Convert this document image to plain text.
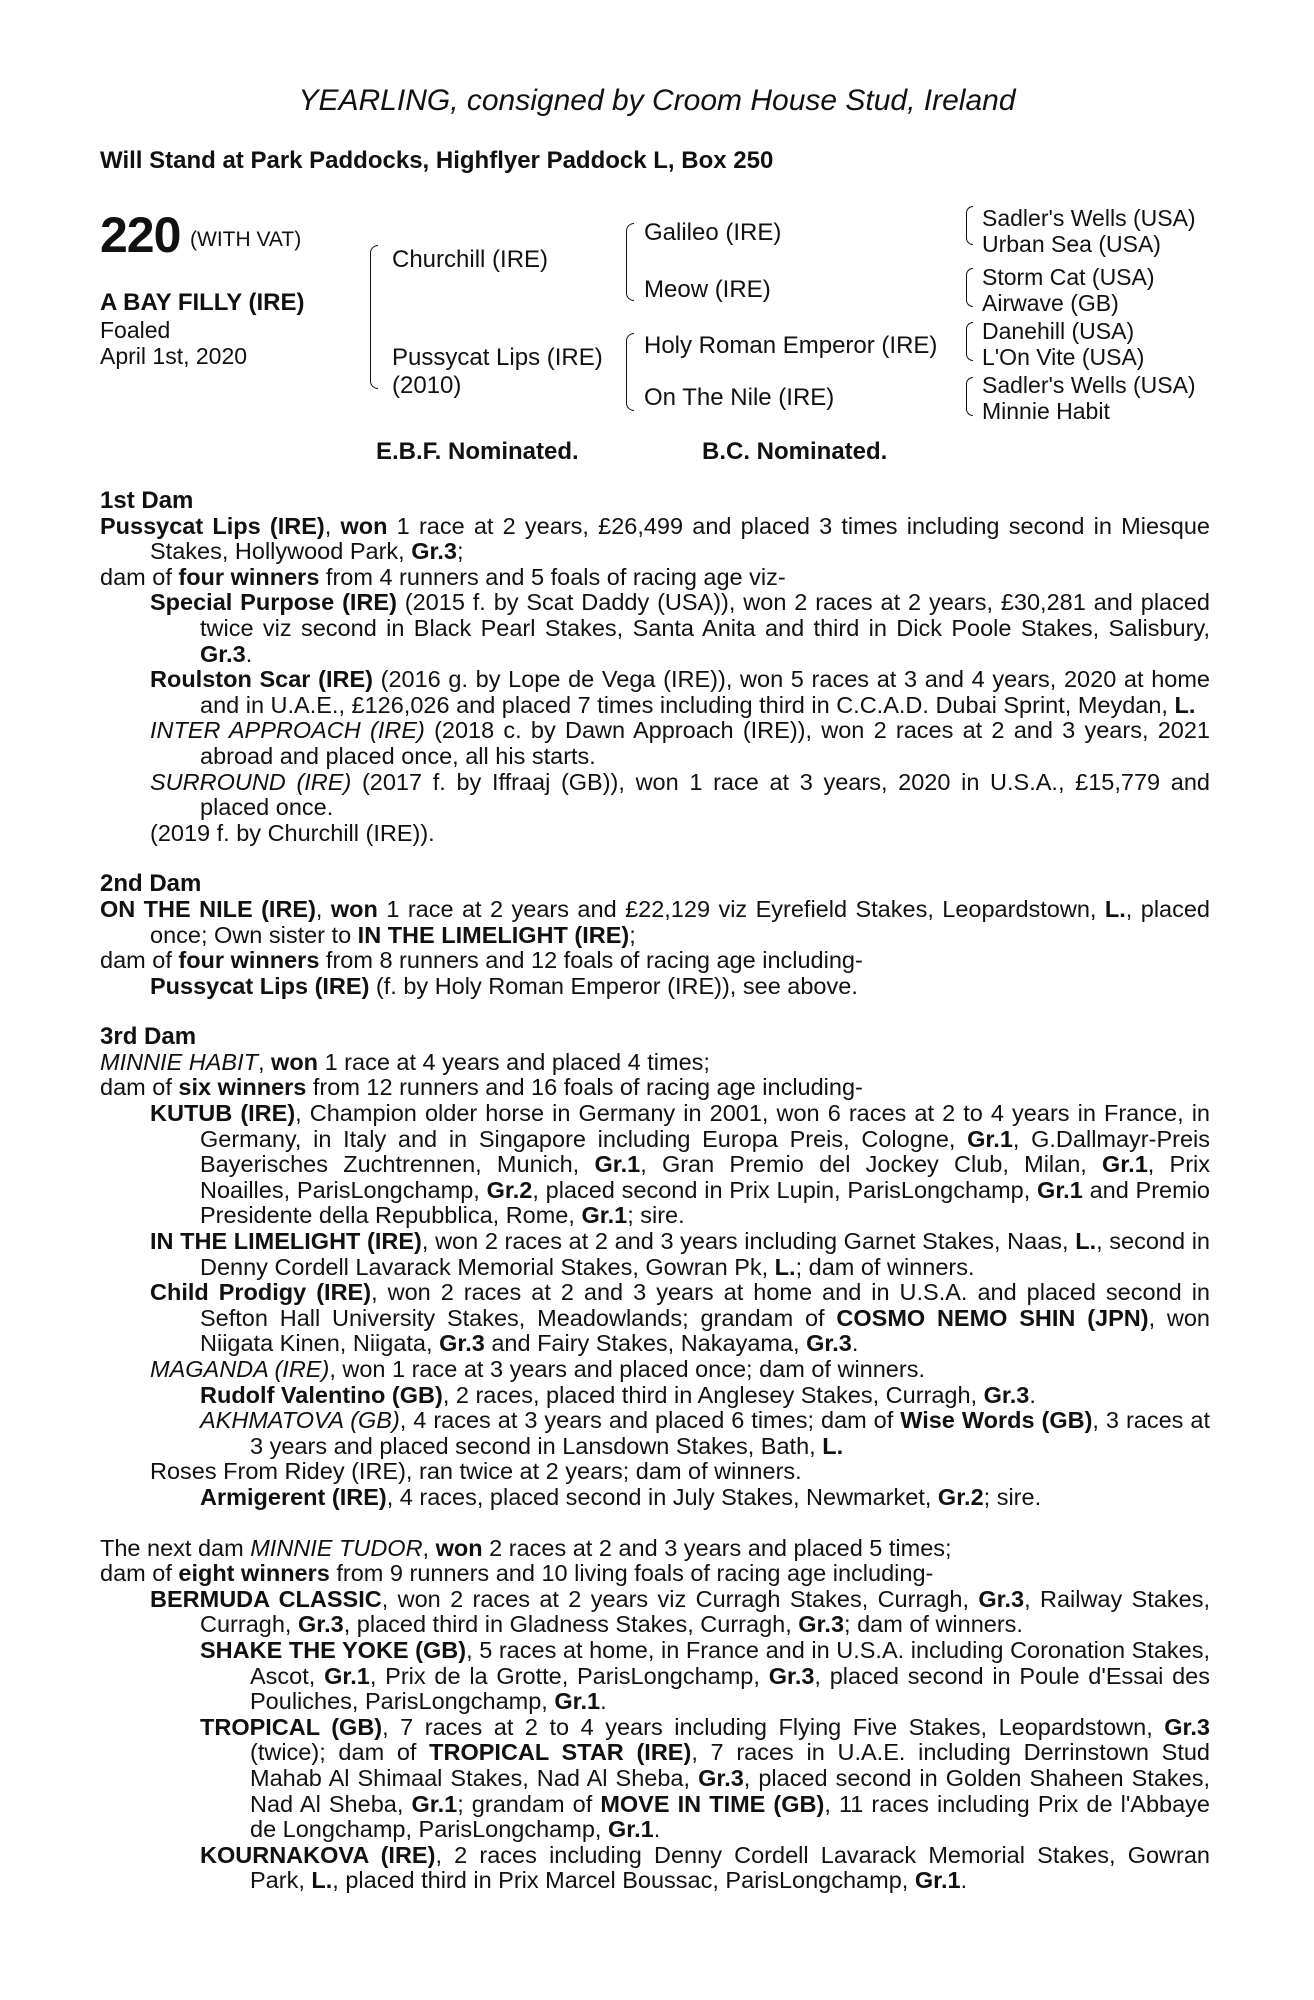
YEARLING, consigned by Croom House Stud, Ireland
Will Stand at Park Paddocks, Highflyer Paddock L, Box 250
220 (WITH VAT)
A BAY FILLY (IRE)
Foaled
April 1st, 2020
Churchill (IRE)
Pussycat Lips (IRE)
(2010)
Galileo (IRE)
Meow (IRE)
Holy Roman Emperor (IRE)
On The Nile (IRE)
Sadler's Wells (USA)
Urban Sea (USA)
Storm Cat (USA)
Airwave (GB)
Danehill (USA)
L'On Vite (USA)
Sadler's Wells (USA)
Minnie Habit
E.B.F. Nominated.	B.C. Nominated.

1st Dam

Pussycat Lips (IRE), won 1 race at 2 years, £26,499 and placed 3 times including second in Miesque Stakes, Hollywood Park, Gr.3;

dam of four winners from 4 runners and 5 foals of racing age viz-

Special Purpose (IRE) (2015 f. by Scat Daddy (USA)), won 2 races at 2 years, £30,281 and placed twice viz second in Black Pearl Stakes, Santa Anita and third in Dick Poole Stakes, Salisbury, Gr.3.

Roulston Scar (IRE) (2016 g. by Lope de Vega (IRE)), won 5 races at 3 and 4 years, 2020 at home and in U.A.E., £126,026 and placed 7 times including third in C.C.A.D. Dubai Sprint, Meydan, L.

INTER APPROACH (IRE) (2018 c. by Dawn Approach (IRE)), won 2 races at 2 and 3 years, 2021 abroad and placed once, all his starts.

SURROUND (IRE) (2017 f. by Iffraaj (GB)), won 1 race at 3 years, 2020 in U.S.A., £15,779 and placed once.

(2019 f. by Churchill (IRE)).

2nd Dam

ON THE NILE (IRE), won 1 race at 2 years and £22,129 viz Eyrefield Stakes, Leopardstown, L., placed once; Own sister to IN THE LIMELIGHT (IRE);

dam of four winners from 8 runners and 12 foals of racing age including-

Pussycat Lips (IRE) (f. by Holy Roman Emperor (IRE)), see above.

3rd Dam

MINNIE HABIT, won 1 race at 4 years and placed 4 times;

dam of six winners from 12 runners and 16 foals of racing age including-

KUTUB (IRE), Champion older horse in Germany in 2001, won 6 races at 2 to 4 years in France, in Germany, in Italy and in Singapore including Europa Preis, Cologne, Gr.1, G.Dallmayr-Preis Bayerisches Zuchtrennen, Munich, Gr.1, Gran Premio del Jockey Club, Milan, Gr.1, Prix Noailles, ParisLongchamp, Gr.2, placed second in Prix Lupin, ParisLongchamp, Gr.1 and Premio Presidente della Repubblica, Rome, Gr.1; sire.

IN THE LIMELIGHT (IRE), won 2 races at 2 and 3 years including Garnet Stakes, Naas, L., second in Denny Cordell Lavarack Memorial Stakes, Gowran Pk, L.; dam of winners.

Child Prodigy (IRE), won 2 races at 2 and 3 years at home and in U.S.A. and placed second in Sefton Hall University Stakes, Meadowlands; grandam of COSMO NEMO SHIN (JPN), won Niigata Kinen, Niigata, Gr.3 and Fairy Stakes, Nakayama, Gr.3.

MAGANDA (IRE), won 1 race at 3 years and placed once; dam of winners.

Rudolf Valentino (GB), 2 races, placed third in Anglesey Stakes, Curragh, Gr.3.

AKHMATOVA (GB), 4 races at 3 years and placed 6 times; dam of Wise Words (GB), 3 races at 3 years and placed second in Lansdown Stakes, Bath, L.

Roses From Ridey (IRE), ran twice at 2 years; dam of winners.

Armigerent (IRE), 4 races, placed second in July Stakes, Newmarket, Gr.2; sire.

The next dam MINNIE TUDOR, won 2 races at 2 and 3 years and placed 5 times;

dam of eight winners from 9 runners and 10 living foals of racing age including-

BERMUDA CLASSIC, won 2 races at 2 years viz Curragh Stakes, Curragh, Gr.3, Railway Stakes, Curragh, Gr.3, placed third in Gladness Stakes, Curragh, Gr.3; dam of winners.

SHAKE THE YOKE (GB), 5 races at home, in France and in U.S.A. including Coronation Stakes, Ascot, Gr.1, Prix de la Grotte, ParisLongchamp, Gr.3, placed second in Poule d'Essai des Pouliches, ParisLongchamp, Gr.1.

TROPICAL (GB), 7 races at 2 to 4 years including Flying Five Stakes, Leopardstown, Gr.3 (twice); dam of TROPICAL STAR (IRE), 7 races in U.A.E. including Derrinstown Stud Mahab Al Shimaal Stakes, Nad Al Sheba, Gr.3, placed second in Golden Shaheen Stakes, Nad Al Sheba, Gr.1; grandam of MOVE IN TIME (GB), 11 races including Prix de l'Abbaye de Longchamp, ParisLongchamp, Gr.1.

KOURNAKOVA (IRE), 2 races including Denny Cordell Lavarack Memorial Stakes, Gowran Park, L., placed third in Prix Marcel Boussac, ParisLongchamp, Gr.1.
